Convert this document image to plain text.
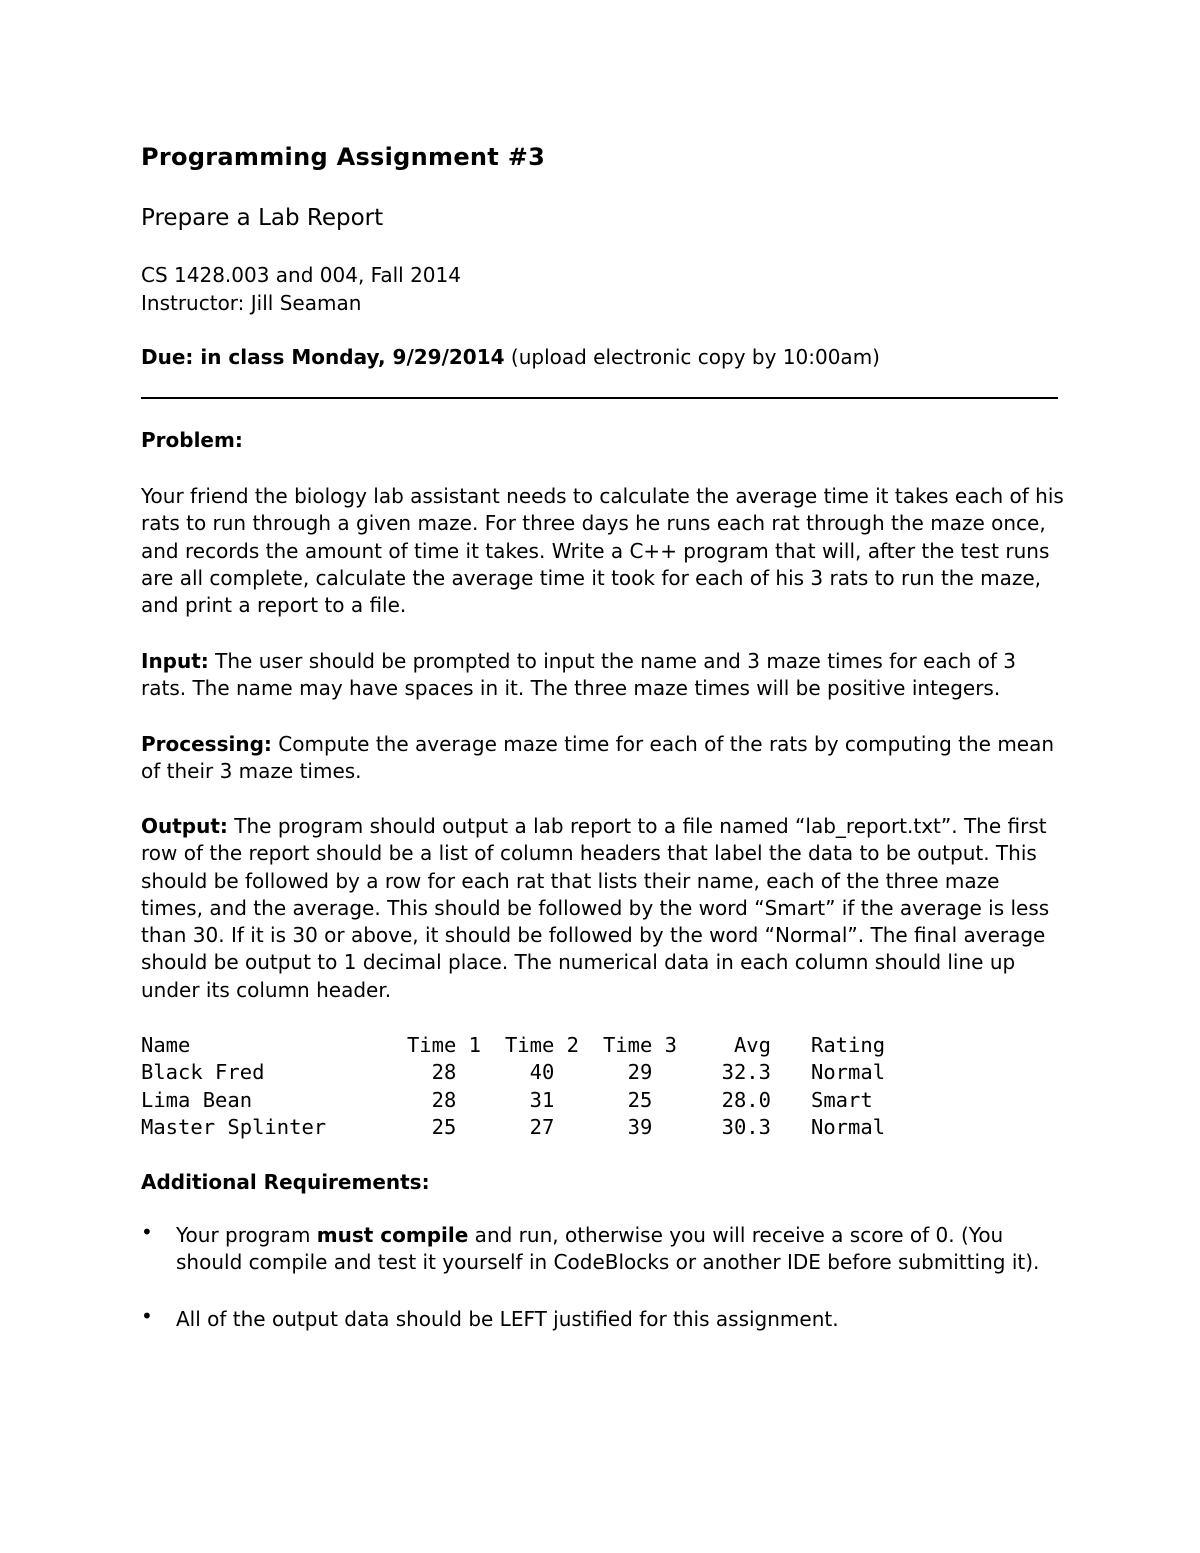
Programming Assignment #3
Prepare a Lab Report
CS 1428.003 and 004, Fall 2014
Instructor: Jill Seaman
Due: in class Monday, 9/29/2014 (upload electronic copy by 10:00am)
Problem:

Your friend the biology lab assistant needs to calculate the average time it takes each of his rats to run through a given maze. For three days he runs each rat through the maze once, and records the amount of time it takes. Write a C++ program that will, after the test runs are all complete, calculate the average time it took for each of his 3 rats to run the maze, and print a report to a file.

Input: The user should be prompted to input the name and 3 maze times for each of 3 rats. The name may have spaces in it. The three maze times will be positive integers.

Processing: Compute the average maze time for each of the rats by computing the mean of their 3 maze times.

Output: The program should output a lab report to a file named “lab_report.txt”. The first row of the report should be a list of column headers that label the data to be output. This should be followed by a row for each rat that lists their name, each of the three maze times, and the average. This should be followed by the word “Smart” if the average is less than 30. If it is 30 or above, it should be followed by the word “Normal”. The final average should be output to 1 decimal place. The numerical data in each column should line up under its column header.

Name	Time 1	Time 2	Time 3	Avg		Rating
Black Fred	28	40	29	32.3		Normal
Lima Bean	28	31	25	28.0		Smart
Master Splinter	25	27	39	30.3		Normal
Additional Requirements:
• Your program must compile and run, otherwise you will receive a score of 0. (You should compile and test it yourself in CodeBlocks or another IDE before submitting it).
• All of the output data should be LEFT justified for this assignment.
